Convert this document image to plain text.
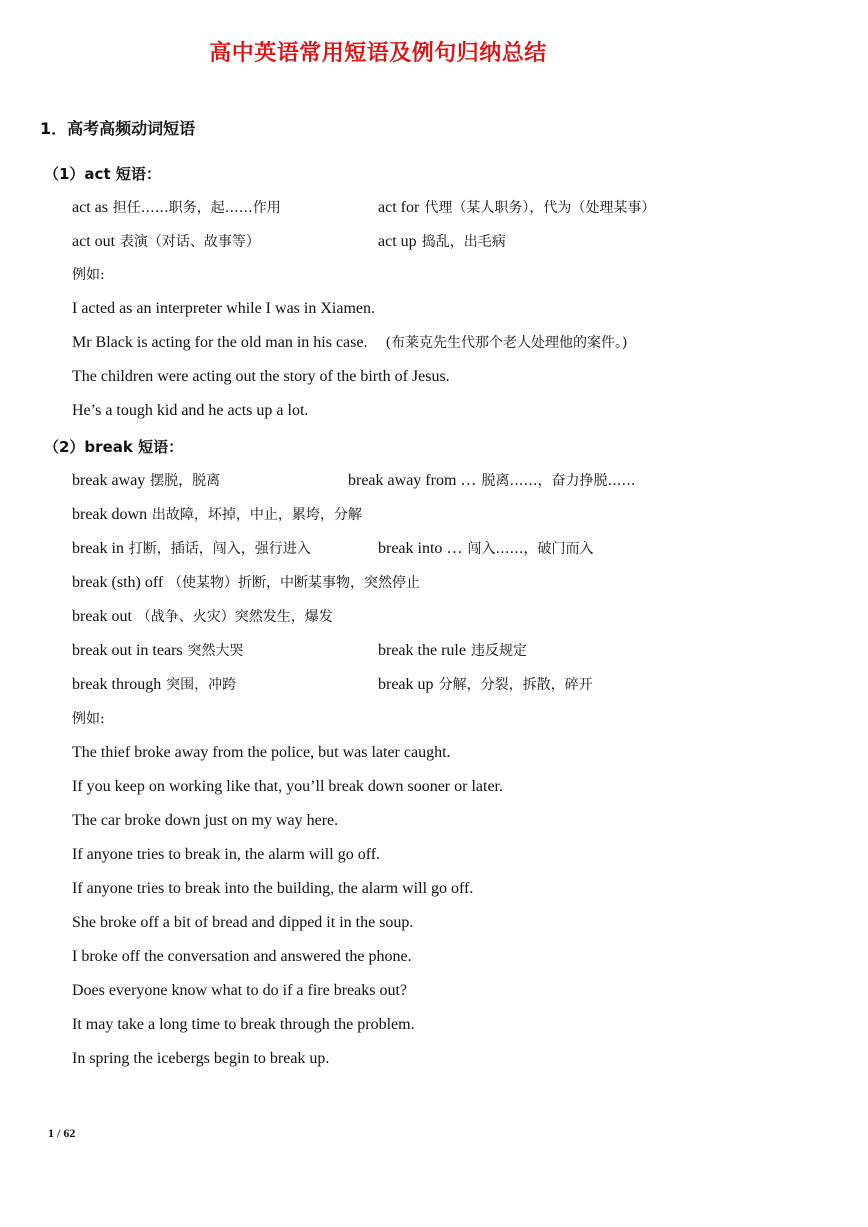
高中英语常用短语及例句归纳总结
1．高考高频动词短语
（1）act 短语：
act as 担任……职务，起……作用	act for 代理（某人职务），代为（处理某事）
act out 表演（对话、故事等）	act up 捣乱，出毛病
例如:
I acted as an interpreter while I was in Xiamen.
Mr Black is acting for the old man in his case. (布莱克先生代那个老人处理他的案件。)
The children were acting out the story of the birth of Jesus.
He’s a tough kid and he acts up a lot.
（2）break 短语：
break away 摆脱，脱离	break away from … 脱离……，奋力挣脱……
break down 出故障，坏掉，中止，累垮，分解
break in 打断，插话，闯入，强行进入	break into … 闯入……，破门而入
break (sth) off （使某物）折断，中断某事物，突然停止
break out （战争、火灾）突然发生，爆发
break out in tears 突然大哭	break the rule 违反规定
break through 突围，冲跨	break up 分解，分裂，拆散，碎开
例如:
The thief broke away from the police, but was later caught.
If you keep on working like that, you’ll break down sooner or later.
The car broke down just on my way here.
If anyone tries to break in, the alarm will go off.
If anyone tries to break into the building, the alarm will go off.
She broke off a bit of bread and dipped it in the soup.
I broke off the conversation and answered the phone.
Does everyone know what to do if a fire breaks out?
It may take a long time to break through the problem.
In spring the icebergs begin to break up.
1 / 62
